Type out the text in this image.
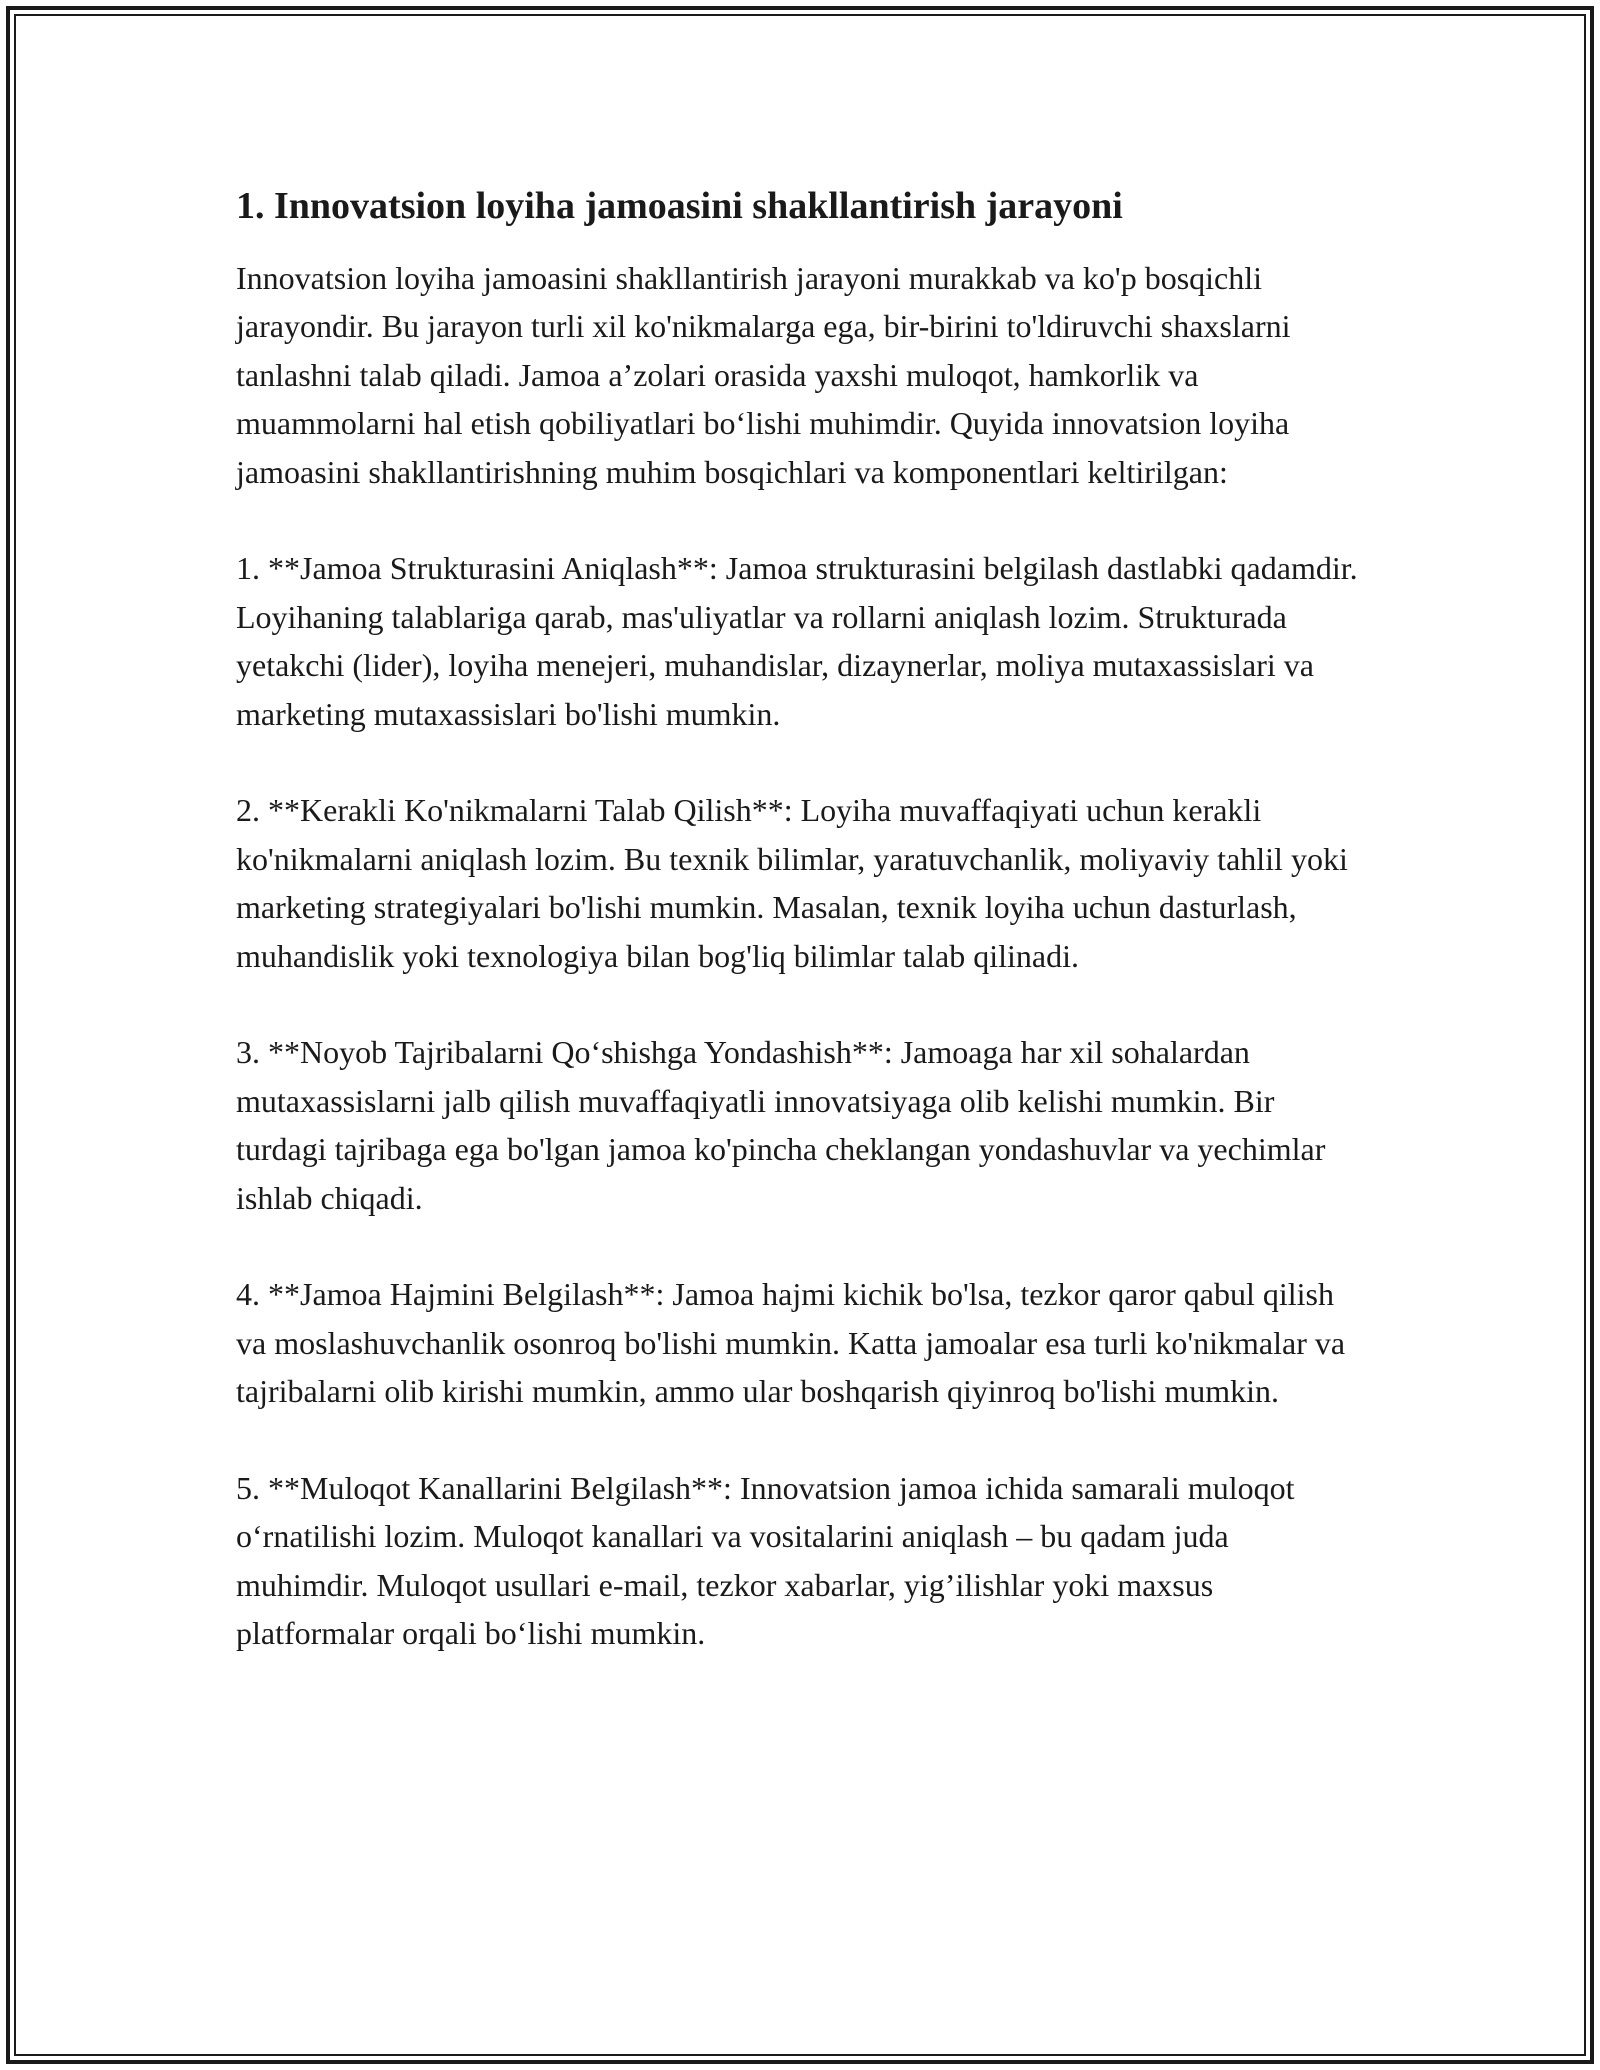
1. Innovatsion loyiha jamoasini shakllantirish jarayoni

Innovatsion loyiha jamoasini shakllantirish jarayoni murakkab va ko'p bosqichli jarayondir. Bu jarayon turli xil ko'nikmalarga ega, bir-birini to'ldiruvchi shaxslarni tanlashni talab qiladi. Jamoa a’zolari orasida yaxshi muloqot, hamkorlik va muammolarni hal etish qobiliyatlari bo‘lishi muhimdir. Quyida innovatsion loyiha jamoasini shakllantirishning muhim bosqichlari va komponentlari keltirilgan:

1. **Jamoa Strukturasini Aniqlash**: Jamoa strukturasini belgilash dastlabki qadamdir. Loyihaning talablariga qarab, mas'uliyatlar va rollarni aniqlash lozim. Strukturada yetakchi (lider), loyiha menejeri, muhandislar, dizaynerlar, moliya mutaxassislari va marketing mutaxassislari bo'lishi mumkin.

2. **Kerakli Ko'nikmalarni Talab Qilish**: Loyiha muvaffaqiyati uchun kerakli ko'nikmalarni aniqlash lozim. Bu texnik bilimlar, yaratuvchanlik, moliyaviy tahlil yoki marketing strategiyalari bo'lishi mumkin. Masalan, texnik loyiha uchun dasturlash, muhandislik yoki texnologiya bilan bog'liq bilimlar talab qilinadi.

3. **Noyob Tajribalarni Qo‘shishga Yondashish**: Jamoaga har xil sohalardan mutaxassislarni jalb qilish muvaffaqiyatli innovatsiyaga olib kelishi mumkin. Bir turdagi tajribaga ega bo'lgan jamoa ko'pincha cheklangan yondashuvlar va yechimlar ishlab chiqadi.

4. **Jamoa Hajmini Belgilash**: Jamoa hajmi kichik bo'lsa, tezkor qaror qabul qilish va moslashuvchanlik osonroq bo'lishi mumkin. Katta jamoalar esa turli ko'nikmalar va tajribalarni olib kirishi mumkin, ammo ular boshqarish qiyinroq bo'lishi mumkin.

5. **Muloqot Kanallarini Belgilash**: Innovatsion jamoa ichida samarali muloqot o‘rnatilishi lozim. Muloqot kanallari va vositalarini aniqlash – bu qadam juda muhimdir. Muloqot usullari e-mail, tezkor xabarlar, yig’ilishlar yoki maxsus platformalar orqali bo‘lishi mumkin.
